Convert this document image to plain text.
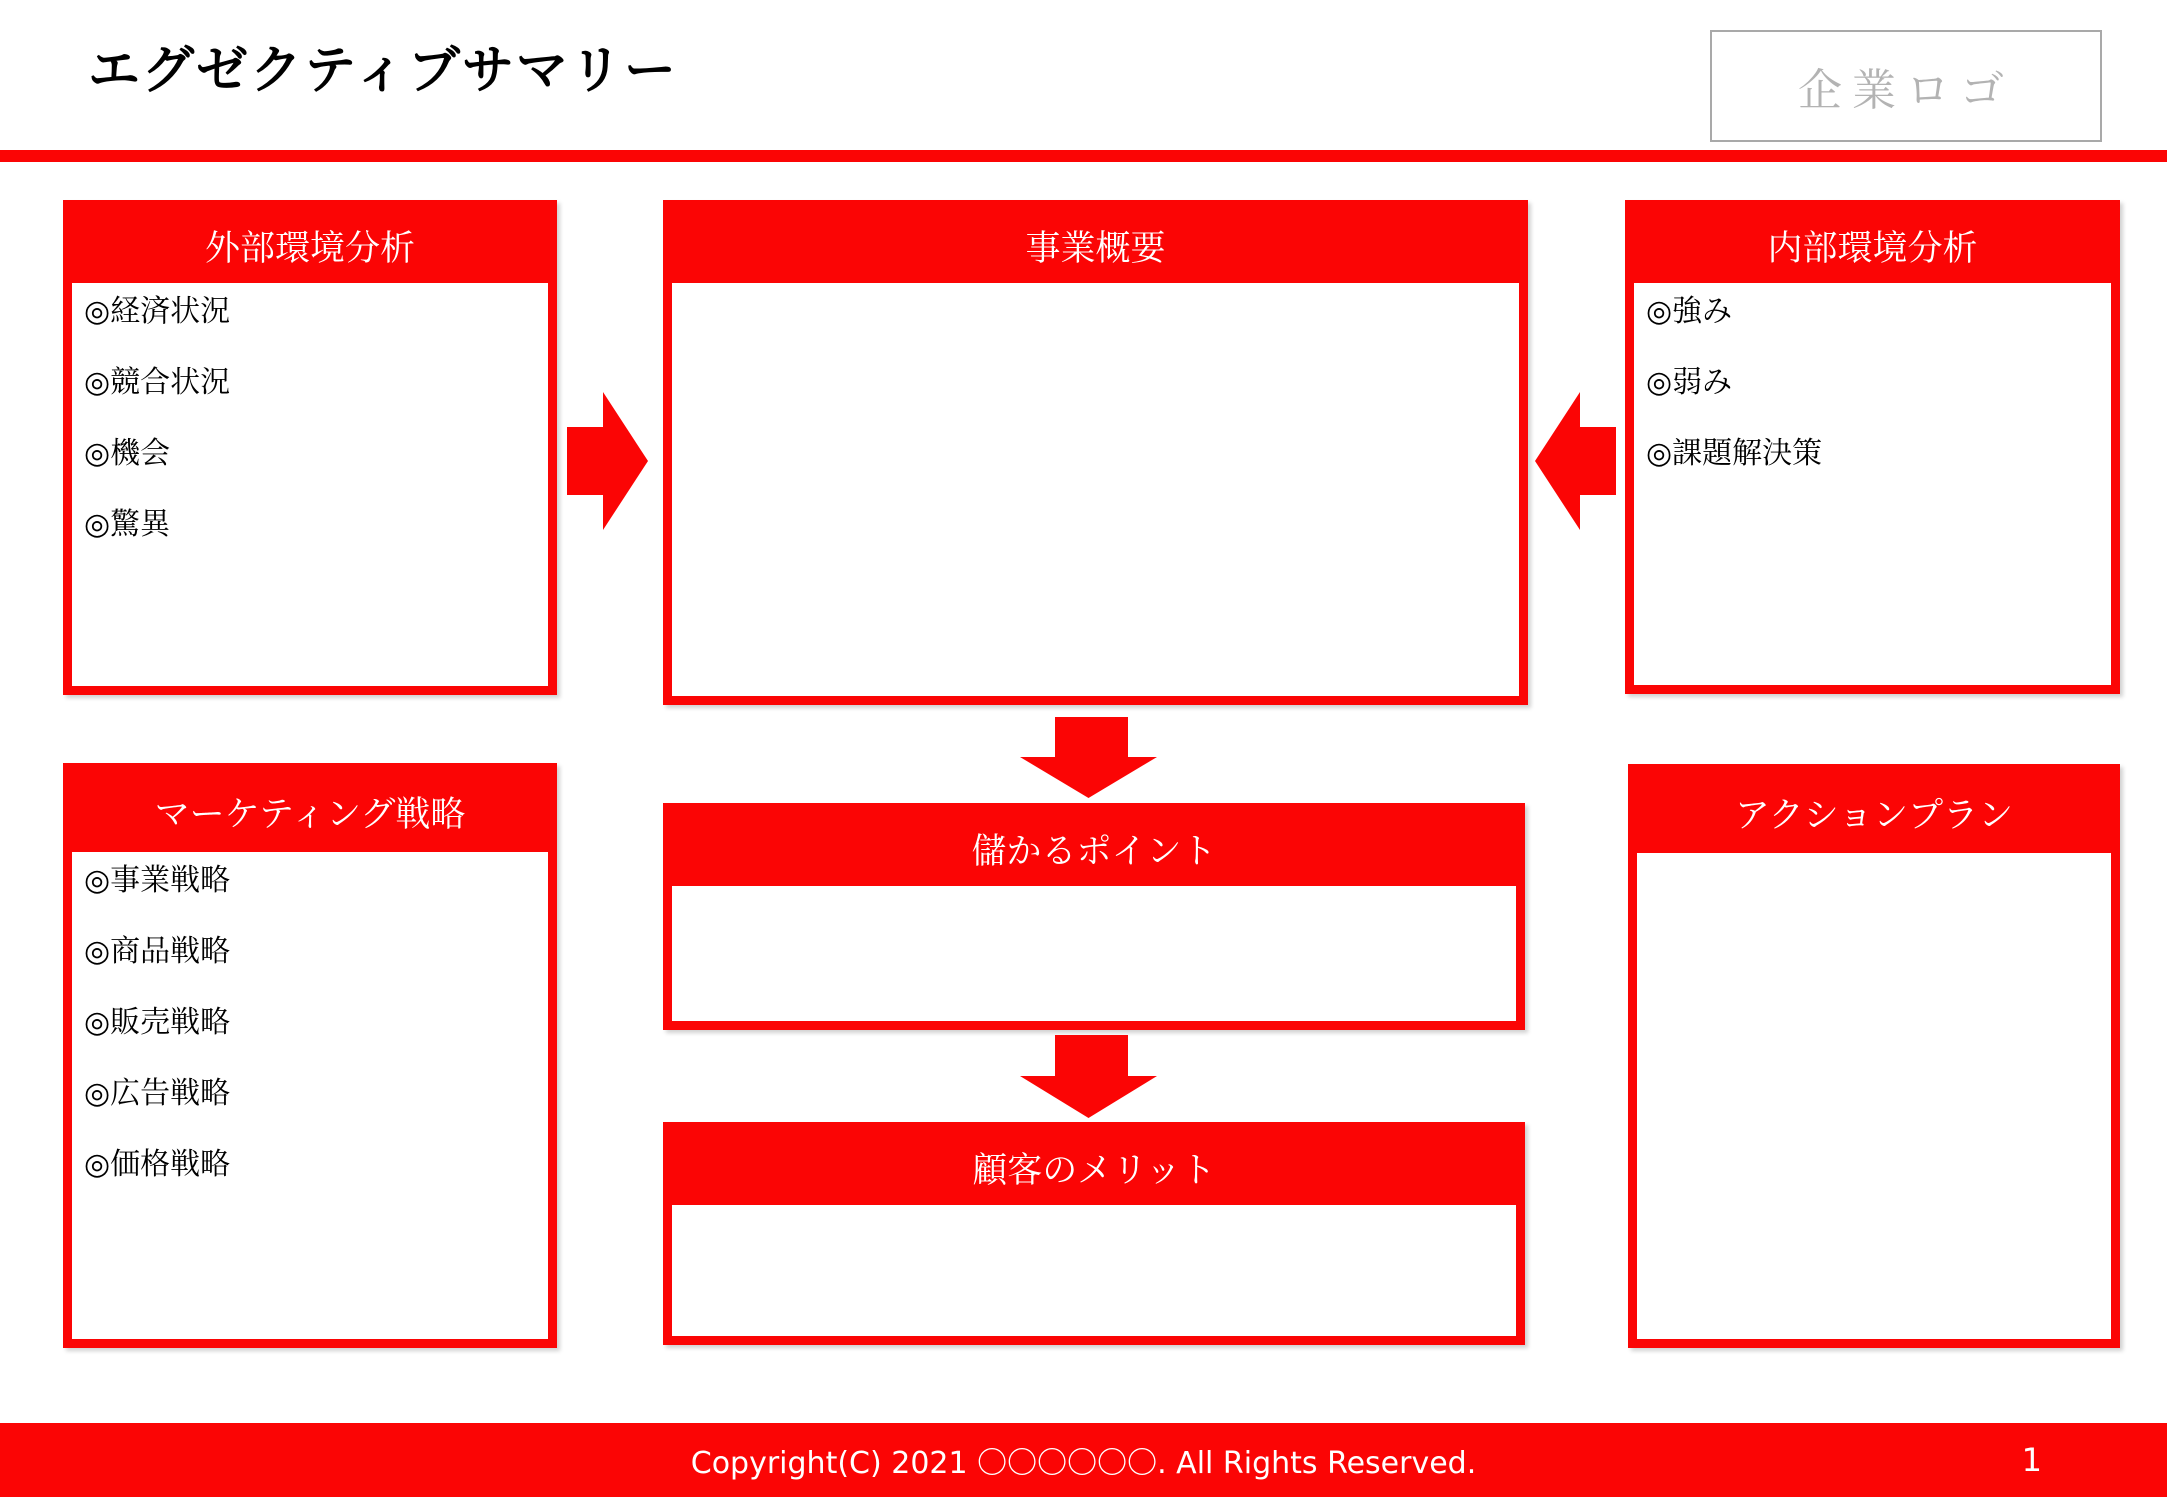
エグゼクティブサマリー	企業ロゴ
外部環境分析
◎経済状況
◎競合状況
◎機会
◎驚異
事業概要	内部環境分析
◎強み
◎弱み
◎課題解決策
マーケティング戦略
◎事業戦略
◎商品戦略
◎販売戦略
◎広告戦略
◎価格戦略
儲かるポイント
顧客のメリット
アクションプラン
Copyright(C) 2021 〇〇〇〇〇〇. All Rights Reserved.	1
